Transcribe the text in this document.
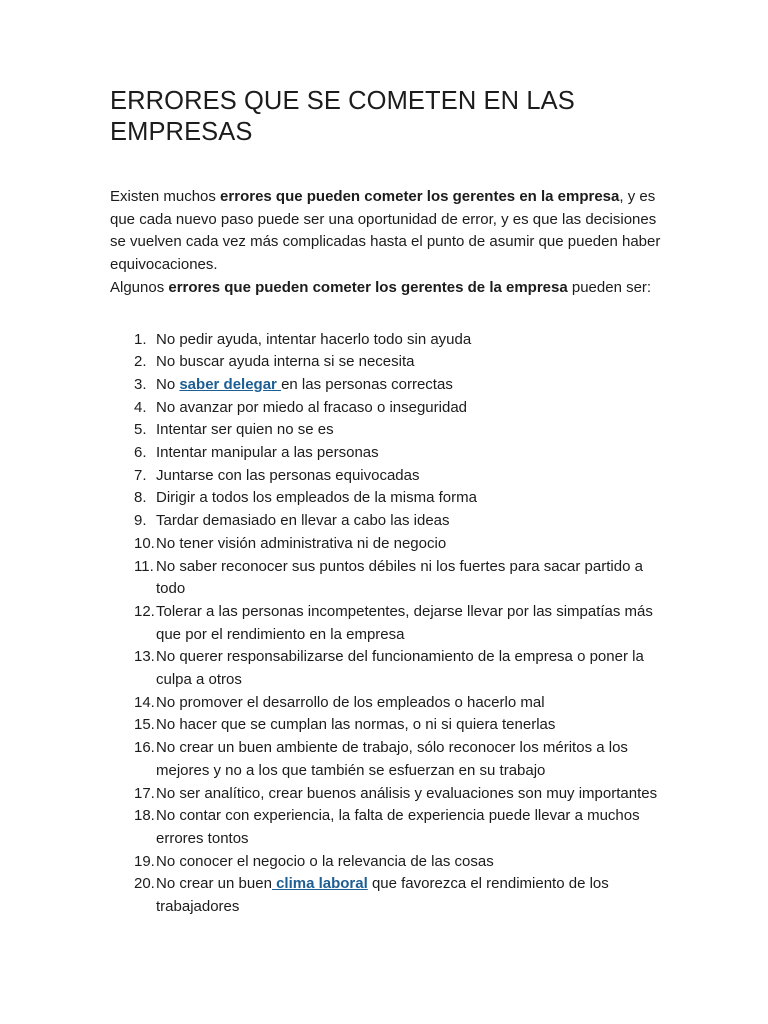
ERRORES QUE SE COMETEN EN LAS
EMPRESAS

Existen muchos errores que pueden cometer los gerentes en la empresa, y es que cada nuevo paso puede ser una oportunidad de error, y es que las decisiones se vuelven cada vez más complicadas hasta el punto de asumir que pueden haber equivocaciones.

Algunos errores que pueden cometer los gerentes de la empresa pueden ser:

1. No pedir ayuda, intentar hacerlo todo sin ayuda
2. No buscar ayuda interna si se necesita
3. No saber delegar en las personas correctas
4. No avanzar por miedo al fracaso o inseguridad
5. Intentar ser quien no se es
6. Intentar manipular a las personas
7. Juntarse con las personas equivocadas
8. Dirigir a todos los empleados de la misma forma
9. Tardar demasiado en llevar a cabo las ideas
10. No tener visión administrativa ni de negocio
11. No saber reconocer sus puntos débiles ni los fuertes para sacar partido a todo
12. Tolerar a las personas incompetentes, dejarse llevar por las simpatías más que por el rendimiento en la empresa
13. No querer responsabilizarse del funcionamiento de la empresa o poner la culpa a otros
14. No promover el desarrollo de los empleados o hacerlo mal
15. No hacer que se cumplan las normas, o ni si quiera tenerlas
16. No crear un buen ambiente de trabajo, sólo reconocer los méritos a los mejores y no a los que también se esfuerzan en su trabajo
17. No ser analítico, crear buenos análisis y evaluaciones son muy importantes
18. No contar con experiencia, la falta de experiencia puede llevar a muchos errores tontos
19. No conocer el negocio o la relevancia de las cosas
20. No crear un buen clima laboral que favorezca el rendimiento de los trabajadores
